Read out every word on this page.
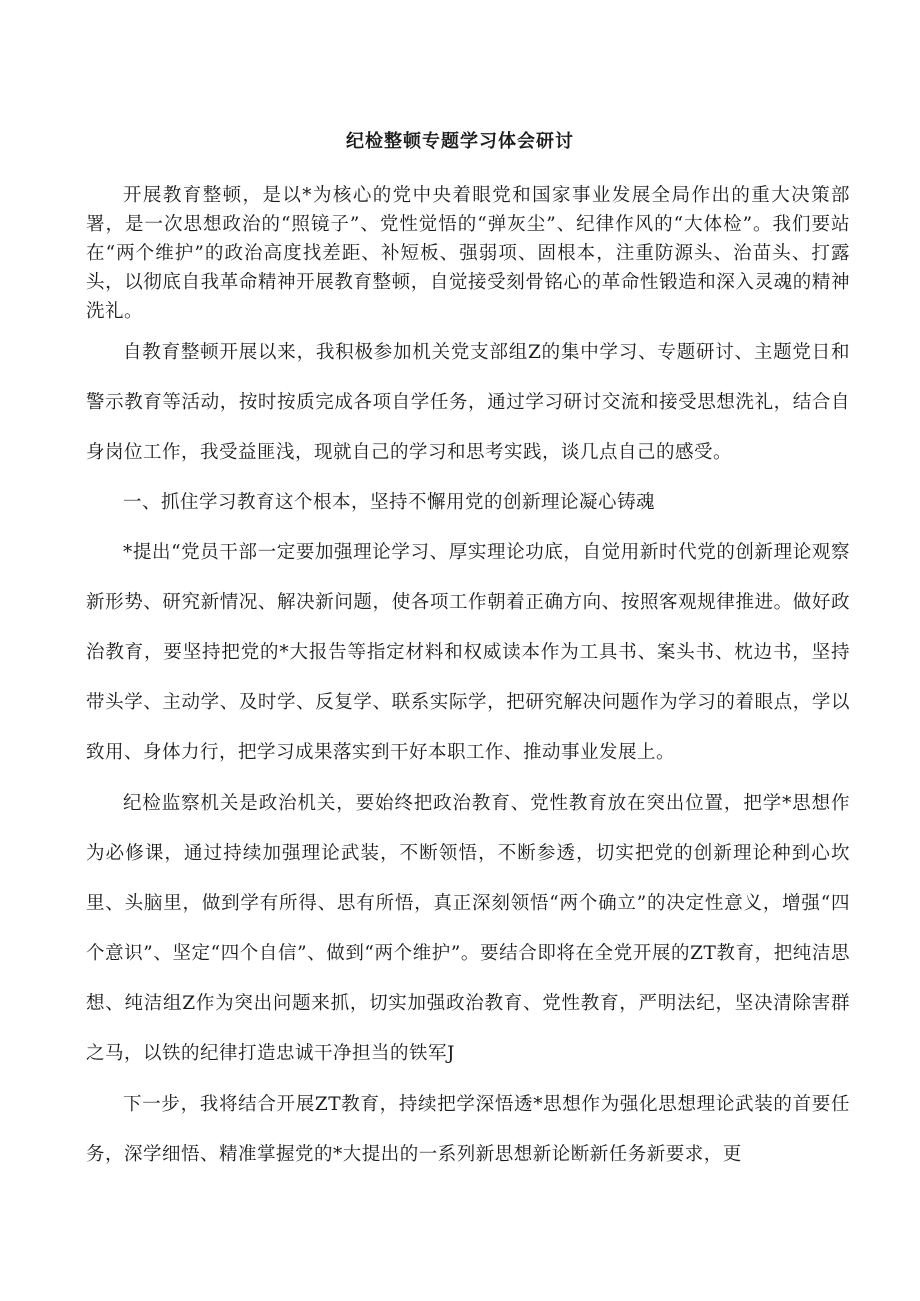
纪检整顿专题学习体会研讨

开展教育整顿，是以*为核心的党中央着眼党和国家事业发展全局作出的重大决策部署，是一次思想政治的“照镜子”、党性觉悟的“弹灰尘”、纪律作风的“大体检”。我们要站在“两个维护”的政治高度找差距、补短板、强弱项、固根本，注重防源头、治苗头、打露头，以彻底自我革命精神开展教育整顿，自觉接受刻骨铭心的革命性锻造和深入灵魂的精神洗礼。

自教育整顿开展以来，我积极参加机关党支部组Z的集中学习、专题研讨、主题党日和警示教育等活动，按时按质完成各项自学任务，通过学习研讨交流和接受思想洗礼，结合自身岗位工作，我受益匪浅，现就自己的学习和思考实践，谈几点自己的感受。

一、抓住学习教育这个根本，坚持不懈用党的创新理论凝心铸魂

*提出“党员干部一定要加强理论学习、厚实理论功底，自觉用新时代党的创新理论观察新形势、研究新情况、解决新问题，使各项工作朝着正确方向、按照客观规律推进。做好政治教育，要坚持把党的*大报告等指定材料和权威读本作为工具书、案头书、枕边书，坚持带头学、主动学、及时学、反复学、联系实际学，把研究解决问题作为学习的着眼点，学以致用、身体力行，把学习成果落实到干好本职工作、推动事业发展上。

纪检监察机关是政治机关，要始终把政治教育、党性教育放在突出位置，把学*思想作为必修课，通过持续加强理论武装，不断领悟，不断参透，切实把党的创新理论种到心坎里、头脑里，做到学有所得、思有所悟，真正深刻领悟“两个确立”的决定性意义，增强“四个意识”、坚定“四个自信”、做到“两个维护”。要结合即将在全党开展的ZT教育，把纯洁思想、纯洁组Z作为突出问题来抓，切实加强政治教育、党性教育，严明法纪，坚决清除害群之马，以铁的纪律打造忠诚干净担当的铁军J

下一步，我将结合开展ZT教育，持续把学深悟透*思想作为强化思想理论武装的首要任务，深学细悟、精准掌握党的*大提出的一系列新思想新论断新任务新要求，更
